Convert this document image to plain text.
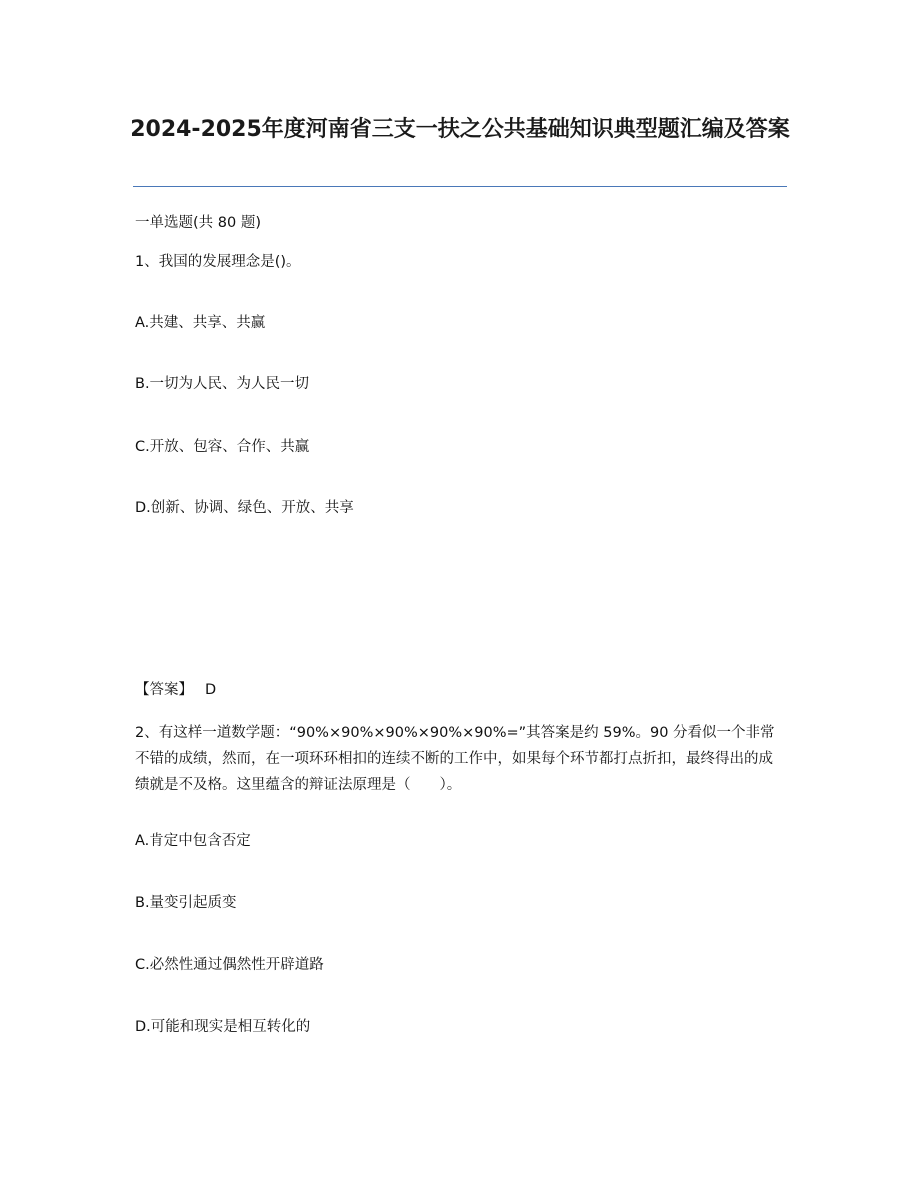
2024-2025年度河南省三支一扶之公共基础知识典型题汇编及答案
一单选题(共 80 题)
1、我国的发展理念是()。
A.共建、共享、共赢
B.一切为人民、为人民一切
C.开放、包容、合作、共赢
D.创新、协调、绿色、开放、共享
【答案】 D
2、有这样一道数学题：“90%×90%×90%×90%×90%=”其答案是约 59%。90 分看似一个非常不错的成绩，然而，在一项环环相扣的连续不断的工作中，如果每个环节都打点折扣，最终得出的成绩就是不及格。这里蕴含的辩证法原理是（　　）。
A.肯定中包含否定
B.量变引起质变
C.必然性通过偶然性开辟道路
D.可能和现实是相互转化的
